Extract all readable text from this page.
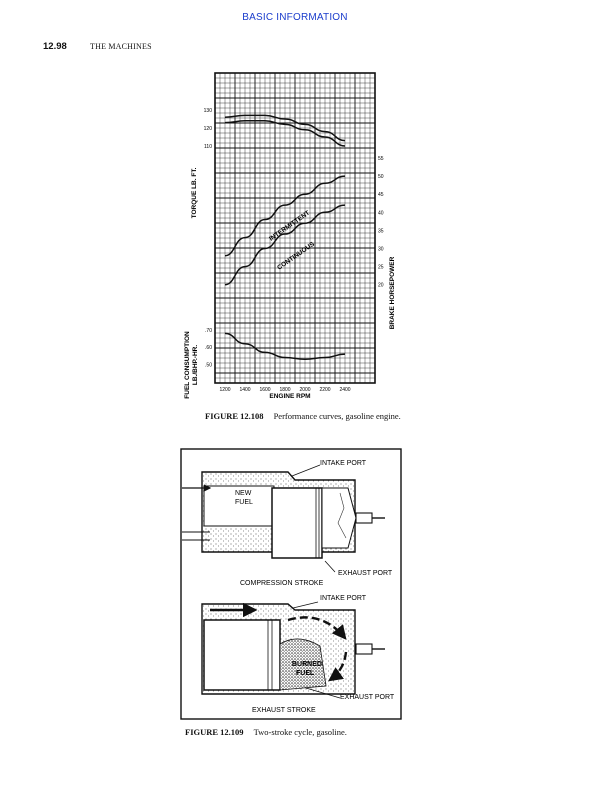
BASIC INFORMATION
12.98	THE MACHINES
1200 1400 1600 1800 2000 2200 2400
130
120
110
55
50
45
40
35
30
25
20
.70
.60
.50
TORQUE LB. FT.
BRAKE HORSEPOWER
FUEL CONSUMPTION LB./BHP.-HR.
ENGINE RPM
INTERMITTENT
CONTINUOUS
FIGURE 12.108 Performance curves, gasoline engine.
INTAKE PORT
NEW
FUEL
EXHAUST PORT
COMPRESSION STROKE
INTAKE PORT
BURNED
FUEL
EXHAUST PORT
EXHAUST STROKE
FIGURE 12.109 Two-stroke cycle, gasoline.
